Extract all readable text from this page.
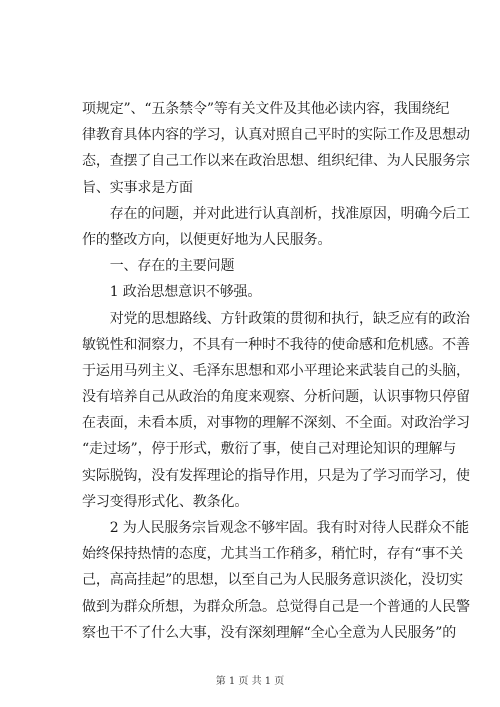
项规定”、“五条禁令”等有关文件及其他必读内容，我围绕纪
律教育具体内容的学习，认真对照自己平时的实际工作及思想动
态，查摆了自己工作以来在政治思想、组织纪律、为人民服务宗
旨、实事求是方面
　　存在的问题，并对此进行认真剖析，找准原因，明确今后工
作的整改方向，以便更好地为人民服务。
　　一、存在的主要问题
　　1 政治思想意识不够强。
　　对党的思想路线、方针政策的贯彻和执行，缺乏应有的政治
敏锐性和洞察力，不具有一种时不我待的使命感和危机感。不善
于运用马列主义、毛泽东思想和邓小平理论来武装自己的头脑，
没有培养自己从政治的角度来观察、分析问题，认识事物只停留
在表面，未看本质，对事物的理解不深刻、不全面。对政治学习
“走过场”，停于形式，敷衍了事，使自己对理论知识的理解与
实际脱钩，没有发挥理论的指导作用，只是为了学习而学习，使
学习变得形式化、教条化。
　　2 为人民服务宗旨观念不够牢固。我有时对待人民群众不能
始终保持热情的态度，尤其当工作稍多，稍忙时，存有“事不关
己，高高挂起”的思想，以至自己为人民服务意识淡化，没切实
做到为群众所想，为群众所急。总觉得自己是一个普通的人民警
察也干不了什么大事，没有深刻理解“全心全意为人民服务”的
第 1 页 共 1 页
